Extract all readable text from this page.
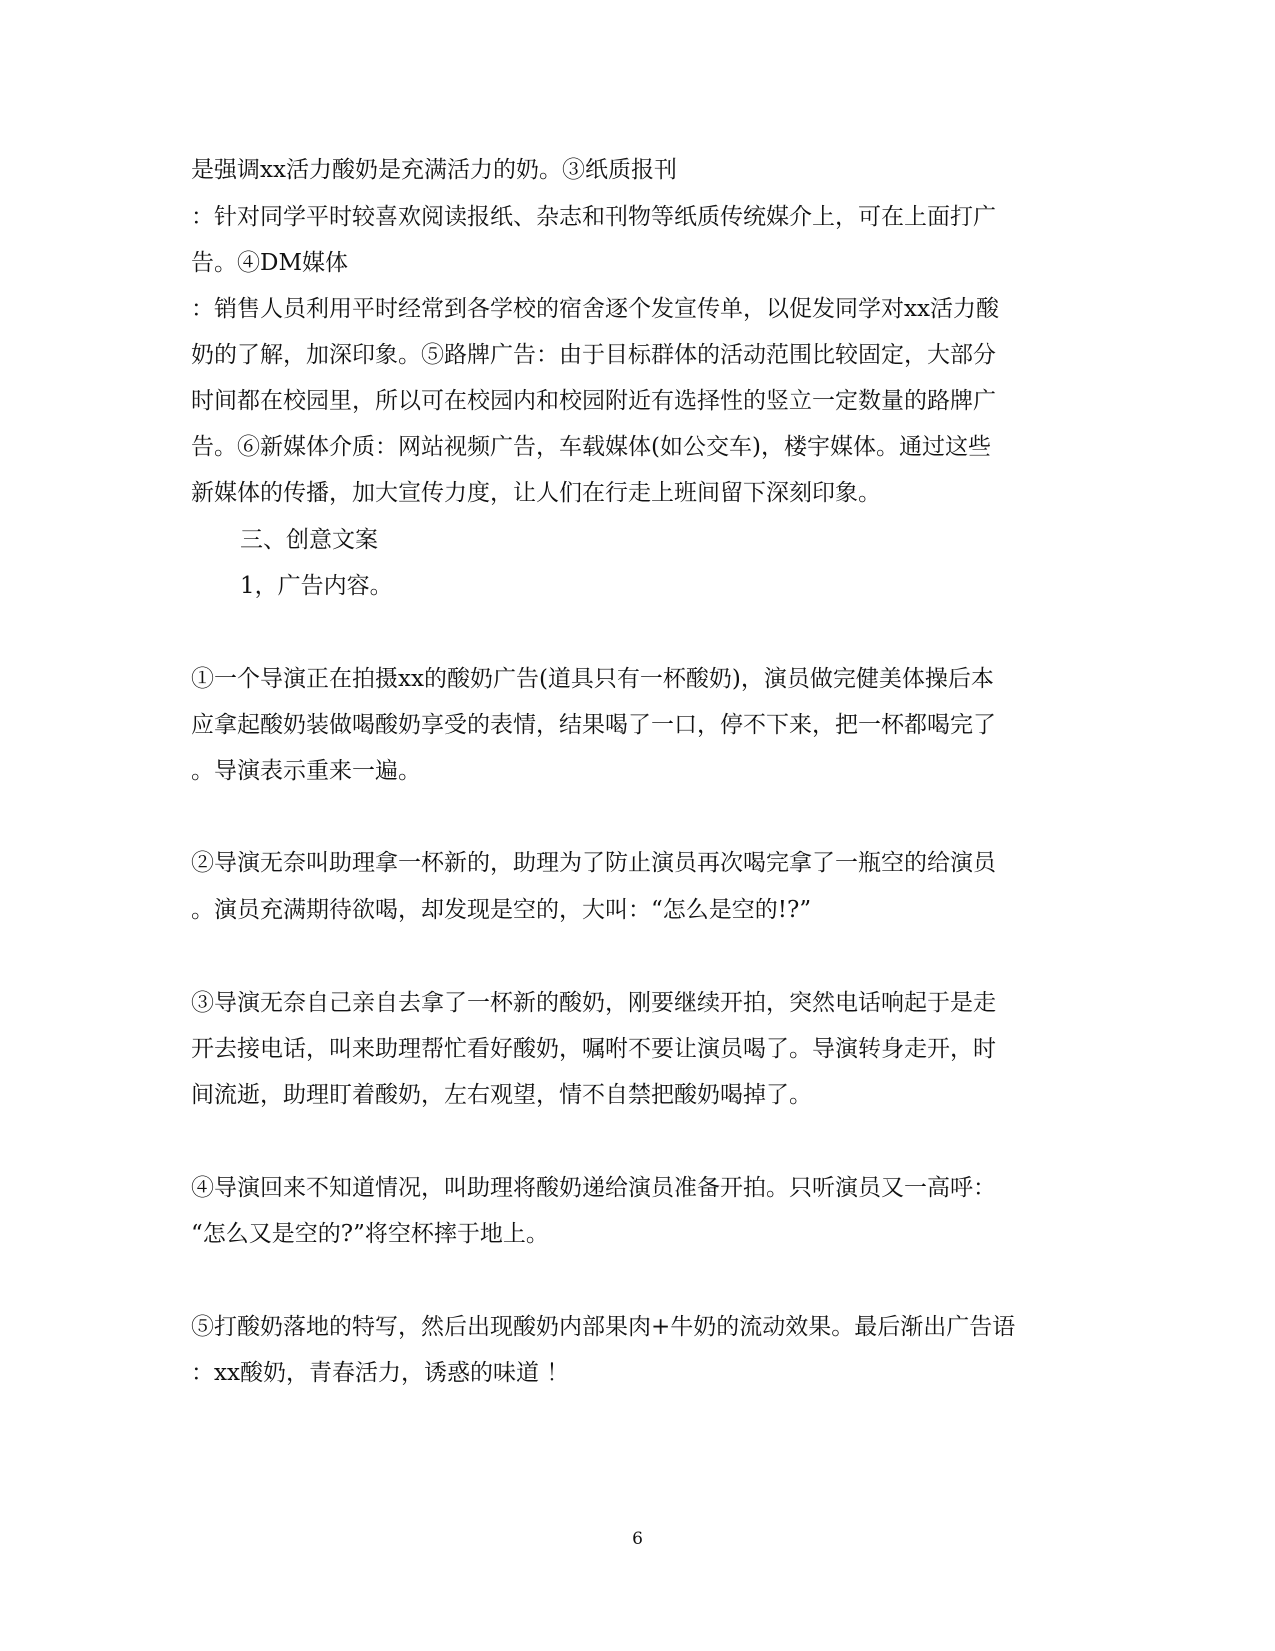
是强调xx活力酸奶是充满活力的奶。③纸质报刊
：针对同学平时较喜欢阅读报纸、杂志和刊物等纸质传统媒介上，可在上面打广
告。④DM媒体
：销售人员利用平时经常到各学校的宿舍逐个发宣传单，以促发同学对xx活力酸
奶的了解，加深印象。⑤路牌广告：由于目标群体的活动范围比较固定，大部分
时间都在校园里，所以可在校园内和校园附近有选择性的竖立一定数量的路牌广
告。⑥新媒体介质：网站视频广告，车载媒体(如公交车)，楼宇媒体。通过这些
新媒体的传播，加大宣传力度，让人们在行走上班间留下深刻印象。
三、创意文案
1，广告内容。
①一个导演正在拍摄xx的酸奶广告(道具只有一杯酸奶)，演员做完健美体操后本
应拿起酸奶装做喝酸奶享受的表情，结果喝了一口，停不下来，把一杯都喝完了
。导演表示重来一遍。
②导演无奈叫助理拿一杯新的，助理为了防止演员再次喝完拿了一瓶空的给演员
。演员充满期待欲喝，却发现是空的，大叫：“怎么是空的!?”
③导演无奈自己亲自去拿了一杯新的酸奶，刚要继续开拍，突然电话响起于是走
开去接电话，叫来助理帮忙看好酸奶，嘱咐不要让演员喝了。导演转身走开，时
间流逝，助理盯着酸奶，左右观望，情不自禁把酸奶喝掉了。
④导演回来不知道情况，叫助理将酸奶递给演员准备开拍。只听演员又一高呼：
“怎么又是空的?”将空杯摔于地上。
⑤打酸奶落地的特写，然后出现酸奶内部果肉+牛奶的流动效果。最后渐出广告语
：xx酸奶，青春活力，诱惑的味道 ！
6
